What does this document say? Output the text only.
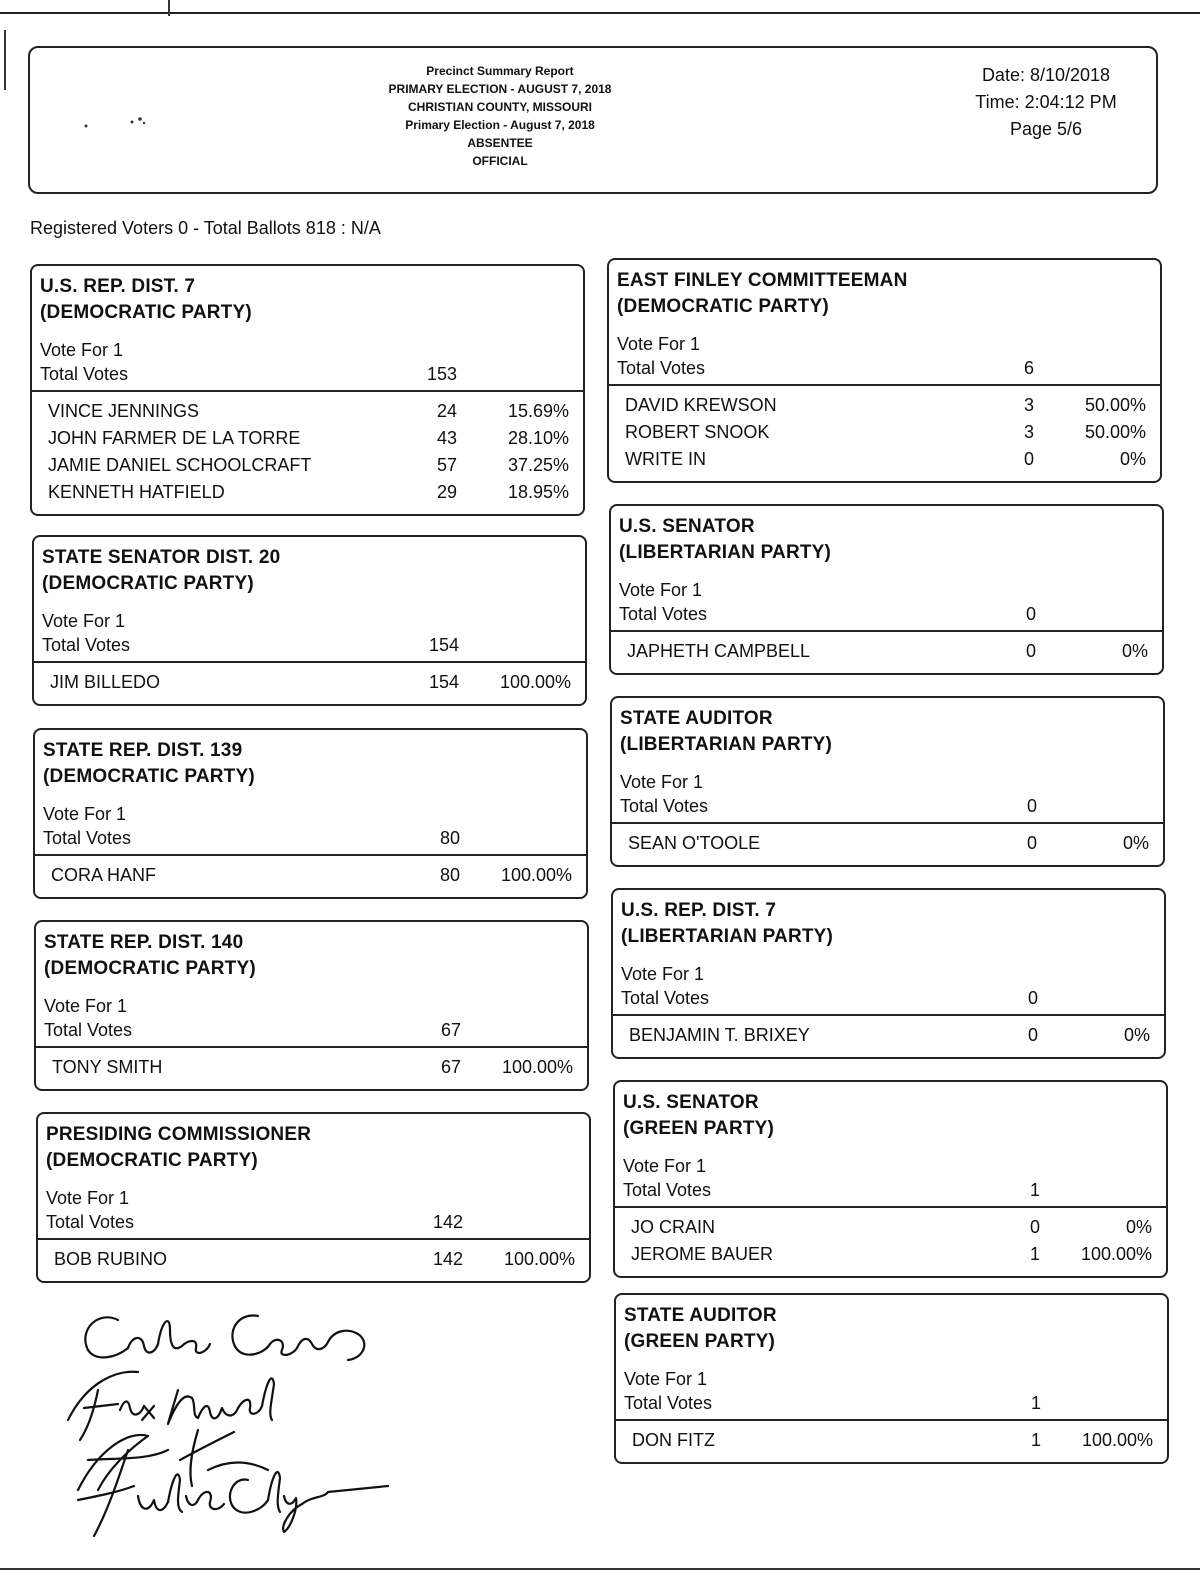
Precinct Summary Report
PRIMARY ELECTION - AUGUST 7, 2018
CHRISTIAN COUNTY, MISSOURI
Primary Election - August 7, 2018
ABSENTEE
OFFICIAL
Date: 8/10/2018
Time: 2:04:12 PM
Page 5/6
Registered Voters 0 - Total Ballots 818 : N/A
U.S. REP. DIST. 7
(DEMOCRATIC PARTY)
Vote For 1
Total Votes	153
VINCE JENNINGS	24	15.69%
JOHN FARMER DE LA TORRE	43	28.10%
JAMIE DANIEL SCHOOLCRAFT	57	37.25%
KENNETH HATFIELD	29	18.95%
STATE SENATOR DIST. 20
(DEMOCRATIC PARTY)
Vote For 1
Total Votes	154
JIM BILLEDO	154 100.00%
STATE REP. DIST. 139
(DEMOCRATIC PARTY)
Vote For 1
Total Votes	80
CORA HANF	80 100.00%
STATE REP. DIST. 140
(DEMOCRATIC PARTY)
Vote For 1
Total Votes	67
TONY SMITH	67 100.00%
PRESIDING COMMISSIONER
(DEMOCRATIC PARTY)
Vote For 1
Total Votes	142
BOB RUBINO	142 100.00%
EAST FINLEY COMMITTEEMAN
(DEMOCRATIC PARTY)
Vote For 1
Total Votes	6
DAVID KREWSON	3	50.00%
ROBERT SNOOK	3	50.00%
WRITE IN	0	0%
U.S. SENATOR
(LIBERTARIAN PARTY)
Vote For 1
Total Votes	0
JAPHETH CAMPBELL	0	0%
STATE AUDITOR
(LIBERTARIAN PARTY)
Vote For 1
Total Votes	0
SEAN O'TOOLE	0	0%
U.S. REP. DIST. 7
(LIBERTARIAN PARTY)
Vote For 1
Total Votes	0
BENJAMIN T. BRIXEY	0	0%
U.S. SENATOR
(GREEN PARTY)
Vote For 1
Total Votes	1
JO CRAIN	0	0%
JEROME BAUER	1 100.00%
STATE AUDITOR
(GREEN PARTY)
Vote For 1
Total Votes	1
DON FITZ	1 100.00%
